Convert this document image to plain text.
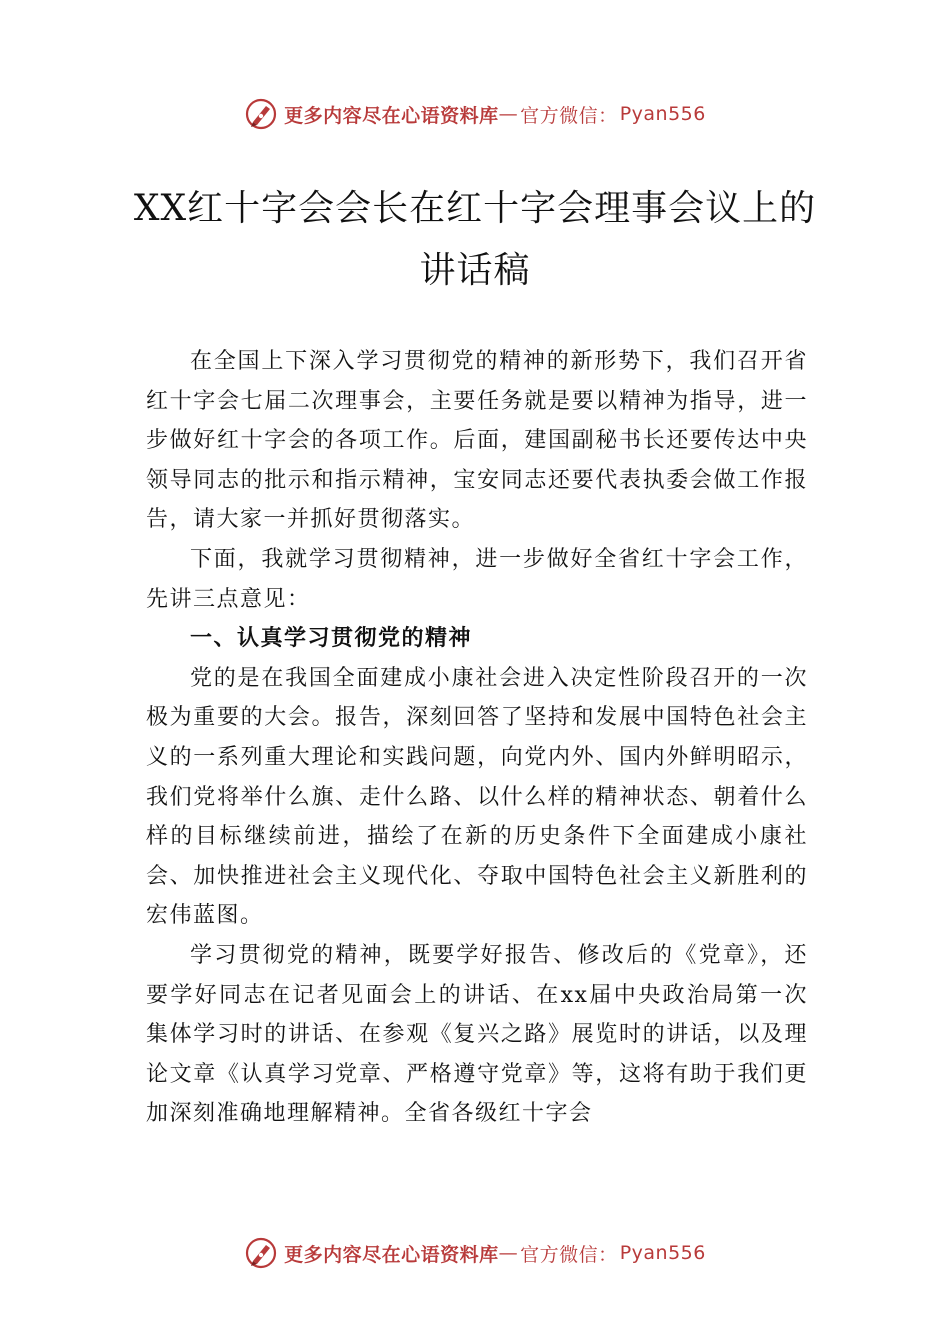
更多内容尽在心语资料库 — 官方微信： Pyan556
XX红十字会会长在红十字会理事会议上的
讲话稿

在全国上下深入学习贯彻党的精神的新形势下，我们召开省红十字会七届二次理事会，主要任务就是要以精神为指导，进一步做好红十字会的各项工作。后面，建国副秘书长还要传达中央领导同志的批示和指示精神，宝安同志还要代表执委会做工作报告，请大家一并抓好贯彻落实。

下面，我就学习贯彻精神，进一步做好全省红十字会工作，先讲三点意见：

一、认真学习贯彻党的精神

党的是在我国全面建成小康社会进入决定性阶段召开的一次极为重要的大会。报告，深刻回答了坚持和发展中国特色社会主义的一系列重大理论和实践问题，向党内外、国内外鲜明昭示，我们党将举什么旗、走什么路、以什么样的精神状态、朝着什么样的目标继续前进，描绘了在新的历史条件下全面建成小康社会、加快推进社会主义现代化、夺取中国特色社会主义新胜利的宏伟蓝图。

学习贯彻党的精神，既要学好报告、修改后的《党章》，还要学好同志在记者见面会上的讲话、在xx届中央政治局第一次集体学习时的讲话、在参观《复兴之路》展览时的讲话，以及理论文章《认真学习党章、严格遵守党章》等，这将有助于我们更加深刻准确地理解精神。全省各级红十字会

更多内容尽在心语资料库 — 官方微信： Pyan556
